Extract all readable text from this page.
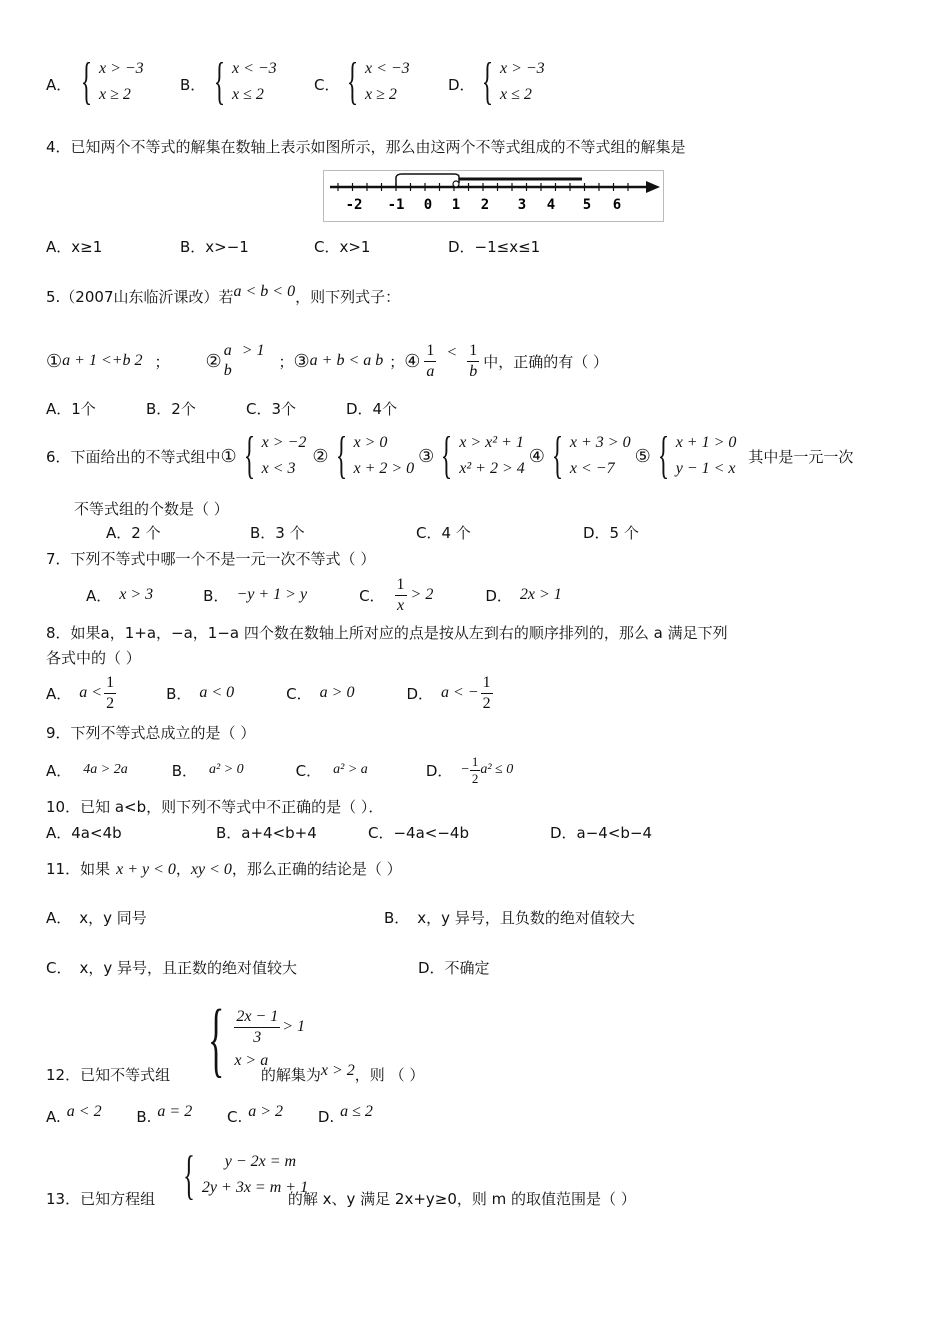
A． { x > −3
x ≥ 2
B． { x < −3
x ≤ 2
C． { x < −3
x ≥ 2
D． { x > −3
x ≤ 2
4．已知两个不等式的解集在数轴上表示如图所示，那么由这两个不等式组成的不等式组的解集是
-2 -1 0 1 2 3 4 5 6
A．x≥1	B．x>−1	C．x>1	D．−1≤x≤1
5.（2007山东临沂课改）若a < b < 0，则下列式子：
① a + 1 <+b 2 ； ② a
b
> 1
； ③ a + b < a b ； ④ $\frac{1}{a} < \frac{1}{b}$ 中，正确的有（ ）
A．1个	B．2个	C．3个	D．4个
6．下面给出的不等式组中 ① { x > −2
x < 3
② { x > 0
x + 2 > 0
③ { x > x² + 1
x² + 2 > 4
④ { x + 3 > 0
x < −7
⑤ { x + 1 > 0
y − 1 < x
其中是一元一次
不等式组的个数是（ ）
A．2 个	B．3 个	C．4 个	D．5 个
7．下列不等式中哪一个不是一元一次不等式（ ）
A． x > 3	B． −y + 1 > y	C． $\frac{1}{x} > 2$	D． 2x > 1
8．如果a，1+a，−a，1−a 四个数在数轴上所对应的点是按从左到右的顺序排列的，那么 a 满足下列
各式中的（ ）
A． $a < \frac{1}{2}$	B． a < 0	C． a > 0	D． a < − $\frac{1}{2}$
9．下列不等式总成立的是（ ）
A． 4a > 2a	B． a² > 0	C． a² > a	D． − $\frac{1}{2} a^2 \le 0$
10．已知 a<b，则下列不等式中不正确的是（ ）．
A．4a<4b	B．a+4<b+4	C．−4a<−4b	D．a−4<b−4
11．如果 x + y < 0，xy < 0，那么正确的结论是（ ）
A． x，y 同号	B． x，y 异号，且负数的绝对值较大
C． x，y 异号，且正数的绝对值较大	D．不确定
{ $\frac{2x - 1}{3} > 1$
x > a
12．已知不等式组	的解集为x > 2，则 （ ）
A. a < 2 B. a = 2 C. a > 2 D. a ≤ 2
{ y − 2x = m
2y + 3x = m + 1
13．已知方程组	的解 x、y 满足 2x+y≥0，则 m 的取值范围是（ ）
